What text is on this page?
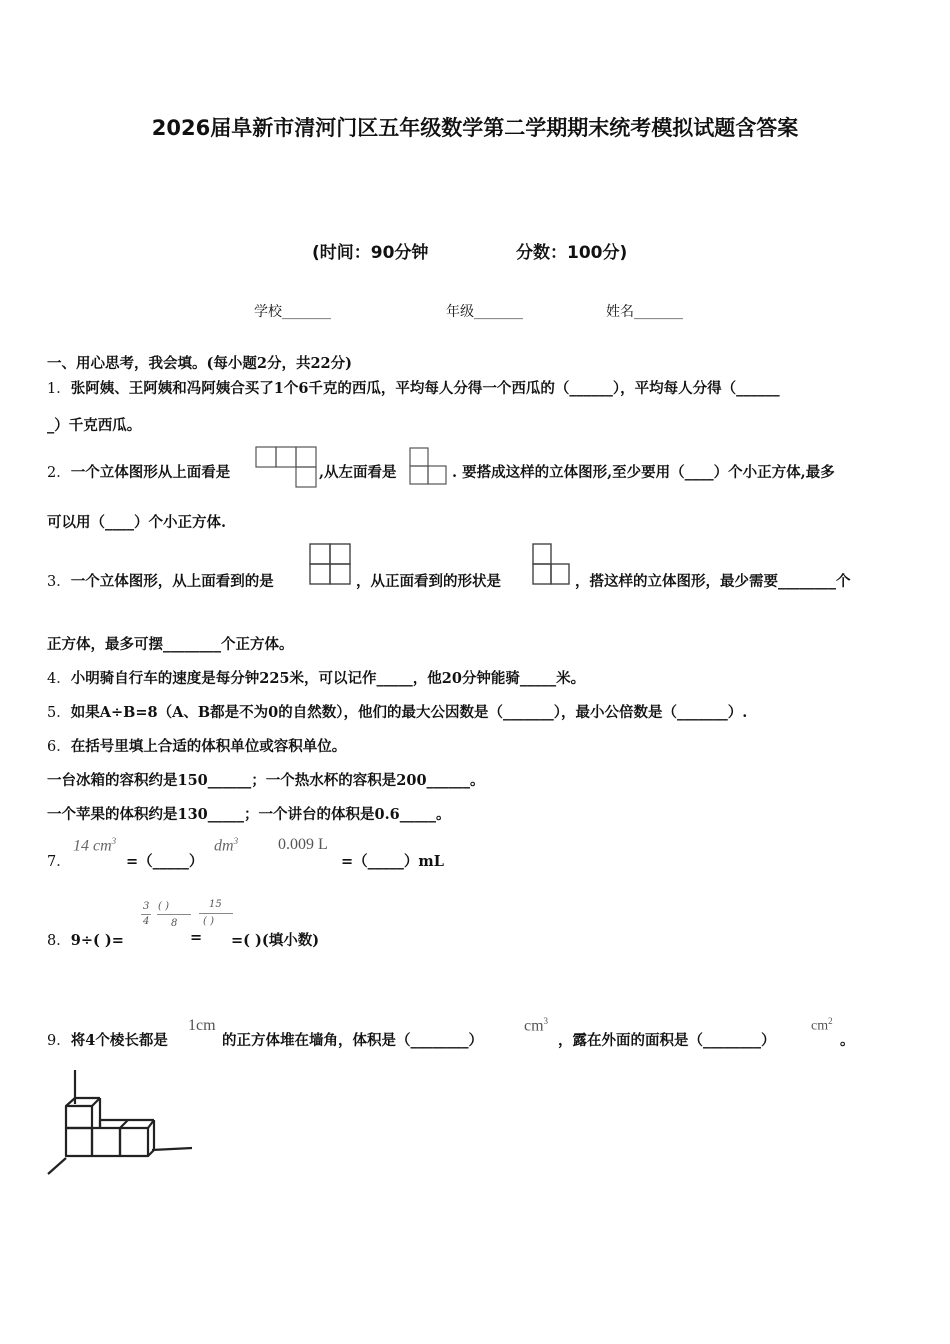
2026届阜新市清河门区五年级数学第二学期期末统考模拟试题含答案
(时间：90分钟	分数：100分)
学校_______	年级_______	姓名_______
一、用心思考，我会填。(每小题2分，共22分)
1．张阿姨、王阿姨和冯阿姨合买了1个6千克的西瓜，平均每人分得一个西瓜的（______），平均每人分得（______
_）千克西瓜。
2．一个立体图形从上面看是	,从左面看是	. 要搭成这样的立体图形,至少要用（____）个小正方体,最多
可以用（____）个小正方体.
3．一个立体图形，从上面看到的是	，从正面看到的形状是	，搭这样的立体图形，最少需要________个
正方体，最多可摆________个正方体。
4．小明骑自行车的速度是每分钟225米，可以记作_____，他20分钟能骑_____米。
5．如果A÷B=8（A、B都是不为0的自然数），他们的最大公因数是（_______），最小公倍数是（_______）.
6．在括号里填上合适的体积单位或容积单位。
一台冰箱的容积约是150______；一个热水杯的容积是200______。
一个苹果的体积约是130_____；一个讲台的体积是0.6_____。
7．
14 $cm^3$
=（_____）
$dm^3$ 0.009 L
=（_____）mL
8．9÷( )=
3
4
( )
8
=
15
( )
=( )(填小数)
9．将4个棱长都是
1cm
的正方体堆在墙角，体积是（________）
$cm^3$
，露在外面的面积是（________）
$cm^2$
。
